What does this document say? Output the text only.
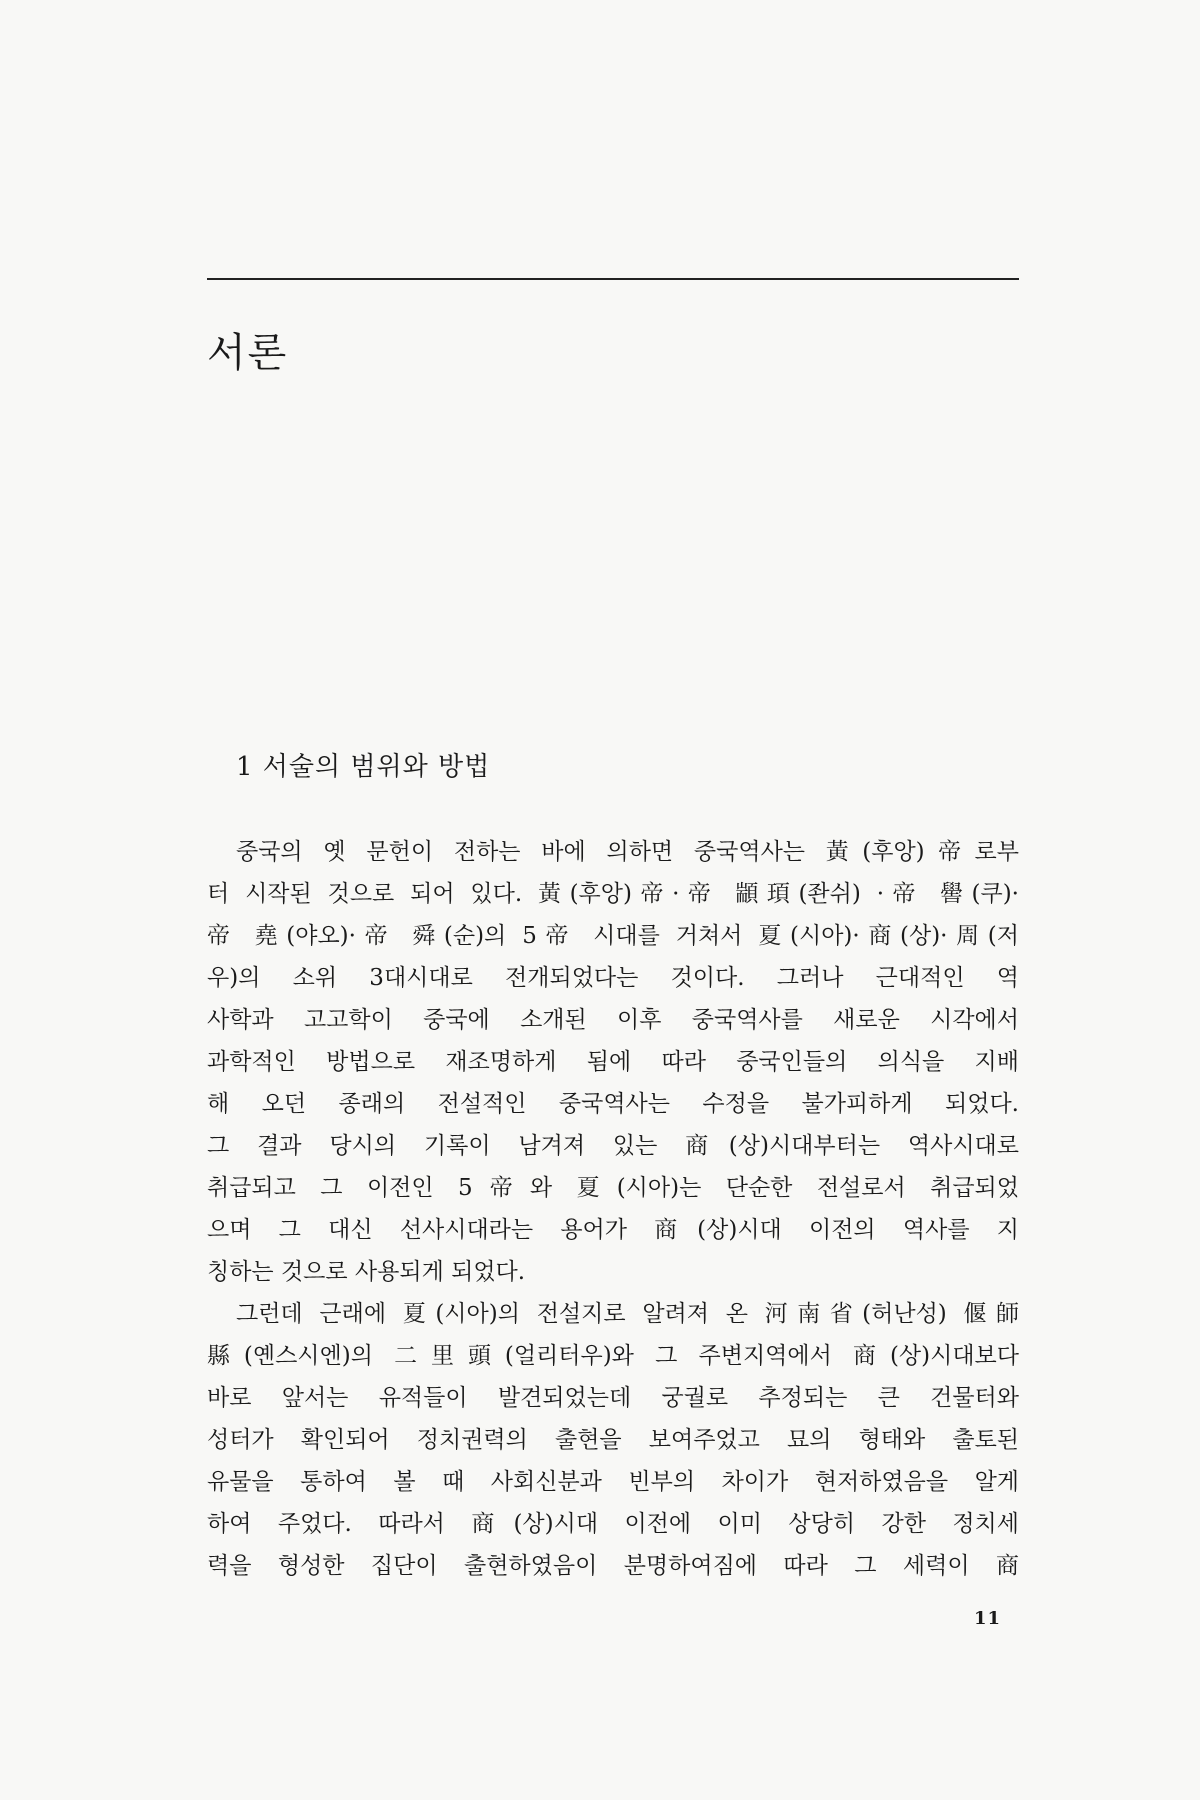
서론
1 서술의 범위와 방법
중국의 옛 문헌이 전하는 바에 의하면 중국역사는 黃(후앙)帝로부
터 시작된 것으로 되어 있다. 黃(후앙)帝·帝 顓頊(좐쉬) ·帝 嚳(쿠)·
帝 堯(야오)·帝 舜(순)의 5帝 시대를 거쳐서 夏(시아)·商(상)·周(저
우)의 소위 3대시대로 전개되었다는 것이다. 그러나 근대적인 역
사학과 고고학이 중국에 소개된 이후 중국역사를 새로운 시각에서
과학적인 방법으로 재조명하게 됨에 따라 중국인들의 의식을 지배
해 오던 종래의 전설적인 중국역사는 수정을 불가피하게 되었다.
그 결과 당시의 기록이 남겨져 있는 商(상)시대부터는 역사시대로
취급되고 그 이전인 5帝와 夏(시아)는 단순한 전설로서 취급되었
으며 그 대신 선사시대라는 용어가 商(상)시대 이전의 역사를 지
칭하는 것으로 사용되게 되었다.
그런데 근래에 夏(시아)의 전설지로 알려져 온 河南省(허난성) 偃師
縣(옌스시엔)의 二里頭(얼리터우)와 그 주변지역에서 商(상)시대보다
바로 앞서는 유적들이 발견되었는데 궁궐로 추정되는 큰 건물터와
성터가 확인되어 정치권력의 출현을 보여주었고 묘의 형태와 출토된
유물을 통하여 볼 때 사회신분과 빈부의 차이가 현저하였음을 알게
하여 주었다. 따라서 商(상)시대 이전에 이미 상당히 강한 정치세
력을 형성한 집단이 출현하였음이 분명하여짐에 따라 그 세력이 商
11
